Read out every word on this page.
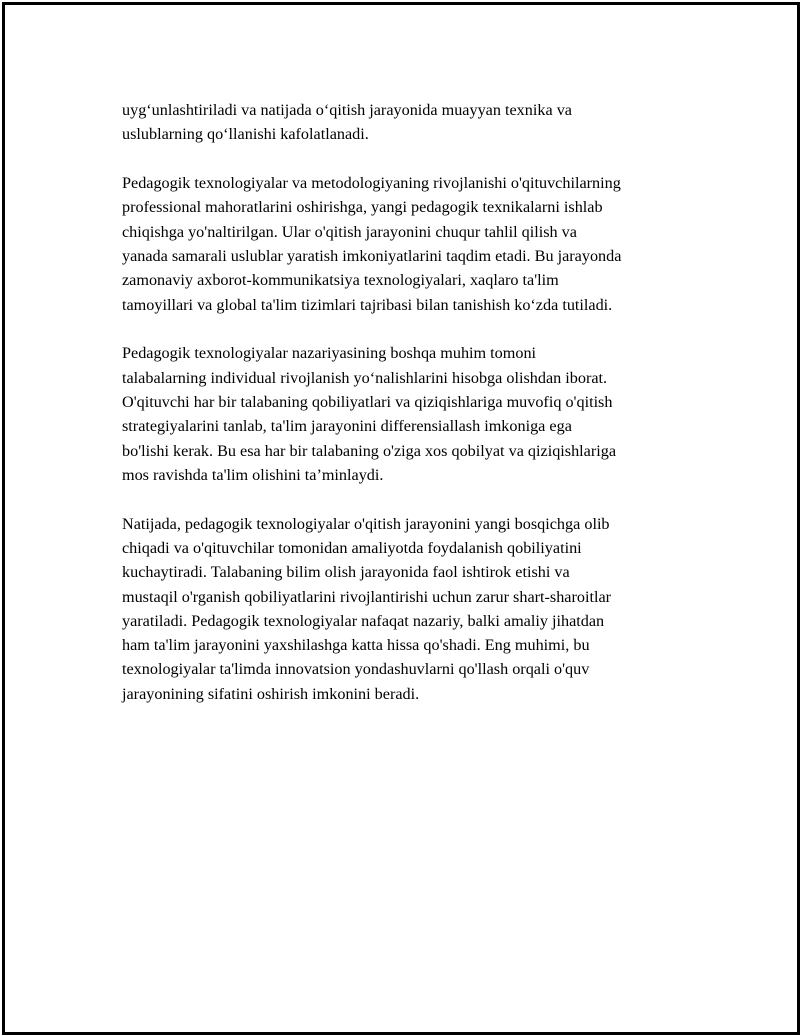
uyg‘unlashtiriladi va natijada o‘qitish jarayonida muayyan texnika va
uslublarning qo‘llanishi kafolatlanadi.

Pedagogik texnologiyalar va metodologiyaning rivojlanishi o'qituvchilarning
professional mahoratlarini oshirishga, yangi pedagogik texnikalarni ishlab
chiqishga yo'naltirilgan. Ular o'qitish jarayonini chuqur tahlil qilish va
yanada samarali uslublar yaratish imkoniyatlarini taqdim etadi. Bu jarayonda
zamonaviy axborot-kommunikatsiya texnologiyalari, xaqlaro ta'lim
tamoyillari va global ta'lim tizimlari tajribasi bilan tanishish ko‘zda tutiladi.

Pedagogik texnologiyalar nazariyasining boshqa muhim tomoni
talabalarning individual rivojlanish yo‘nalishlarini hisobga olishdan iborat.
O'qituvchi har bir talabaning qobiliyatlari va qiziqishlariga muvofiq o'qitish
strategiyalarini tanlab, ta'lim jarayonini differensiallash imkoniga ega
bo'lishi kerak. Bu esa har bir talabaning o'ziga xos qobilyat va qiziqishlariga
mos ravishda ta'lim olishini ta’minlaydi.

Natijada, pedagogik texnologiyalar o'qitish jarayonini yangi bosqichga olib
chiqadi va o'qituvchilar tomonidan amaliyotda foydalanish qobiliyatini
kuchaytiradi. Talabaning bilim olish jarayonida faol ishtirok etishi va
mustaqil o'rganish qobiliyatlarini rivojlantirishi uchun zarur shart-sharoitlar
yaratiladi. Pedagogik texnologiyalar nafaqat nazariy, balki amaliy jihatdan
ham ta'lim jarayonini yaxshilashga katta hissa qo'shadi. Eng muhimi, bu
texnologiyalar ta'limda innovatsion yondashuvlarni qo'llash orqali o'quv
jarayonining sifatini oshirish imkonini beradi.
